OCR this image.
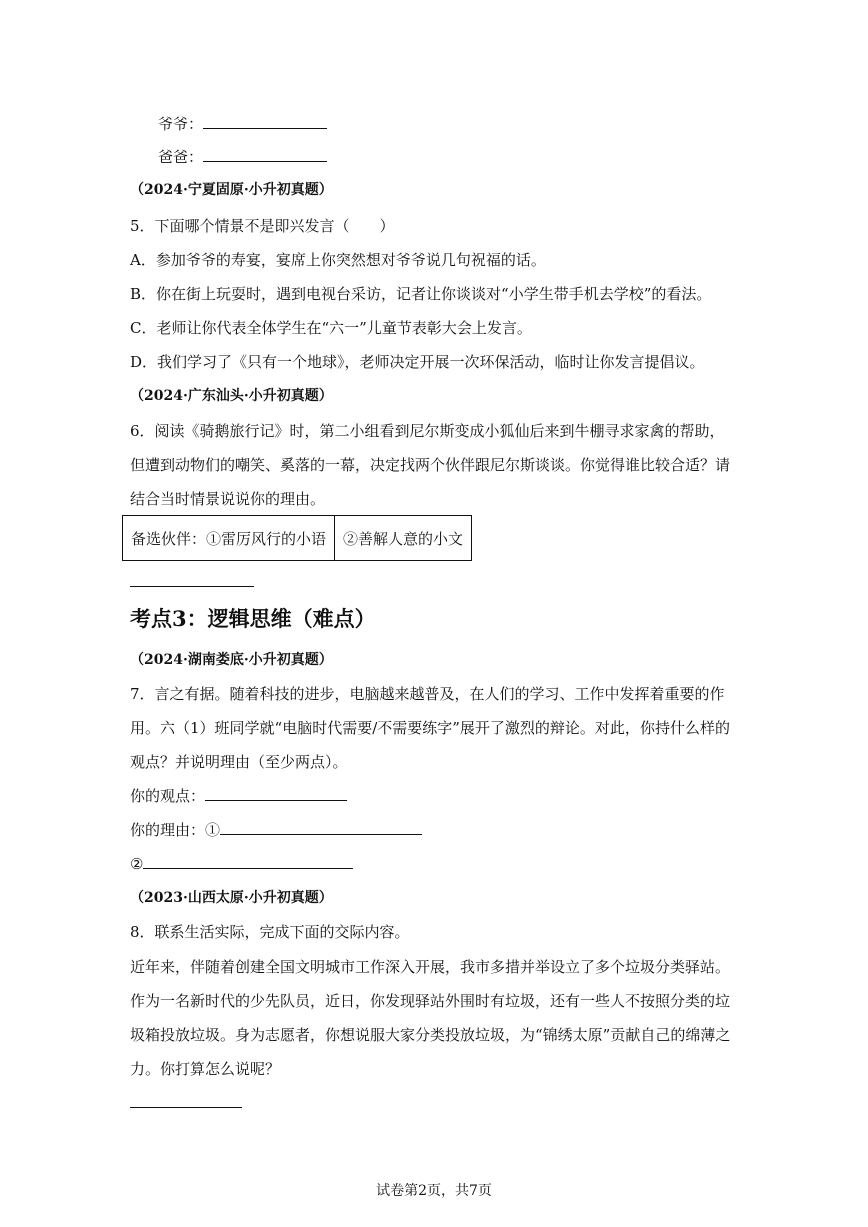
爷爷：
爸爸：
（2024·宁夏固原·小升初真题）
5．下面哪个情景不是即兴发言（　　）
A．参加爷爷的寿宴，宴席上你突然想对爷爷说几句祝福的话。
B．你在街上玩耍时，遇到电视台采访，记者让你谈谈对“小学生带手机去学校”的看法。
C．老师让你代表全体学生在“六一”儿童节表彰大会上发言。
D．我们学习了《只有一个地球》，老师决定开展一次环保活动，临时让你发言提倡议。
（2024·广东汕头·小升初真题）
6．阅读《骑鹅旅行记》时，第二小组看到尼尔斯变成小狐仙后来到牛棚寻求家禽的帮助，
但遭到动物们的嘲笑、奚落的一幕，决定找两个伙伴跟尼尔斯谈谈。你觉得谁比较合适？请
结合当时情景说说你的理由。
备选伙伴：①雷厉风行的小语	②善解人意的小文
考点3：逻辑思维（难点）
（2024·湖南娄底·小升初真题）
7．言之有据。随着科技的进步，电脑越来越普及，在人们的学习、工作中发挥着重要的作
用。六（1）班同学就“电脑时代需要/不需要练字”展开了激烈的辩论。对此，你持什么样的
观点？并说明理由（至少两点）。
你的观点：
你的理由：①
②
（2023·山西太原·小升初真题）
8．联系生活实际，完成下面的交际内容。
近年来，伴随着创建全国文明城市工作深入开展，我市多措并举设立了多个垃圾分类驿站。
作为一名新时代的少先队员，近日，你发现驿站外围时有垃圾，还有一些人不按照分类的垃
圾箱投放垃圾。身为志愿者，你想说服大家分类投放垃圾，为“锦绣太原”贡献自己的绵薄之
力。你打算怎么说呢？
试卷第2页，共7页
